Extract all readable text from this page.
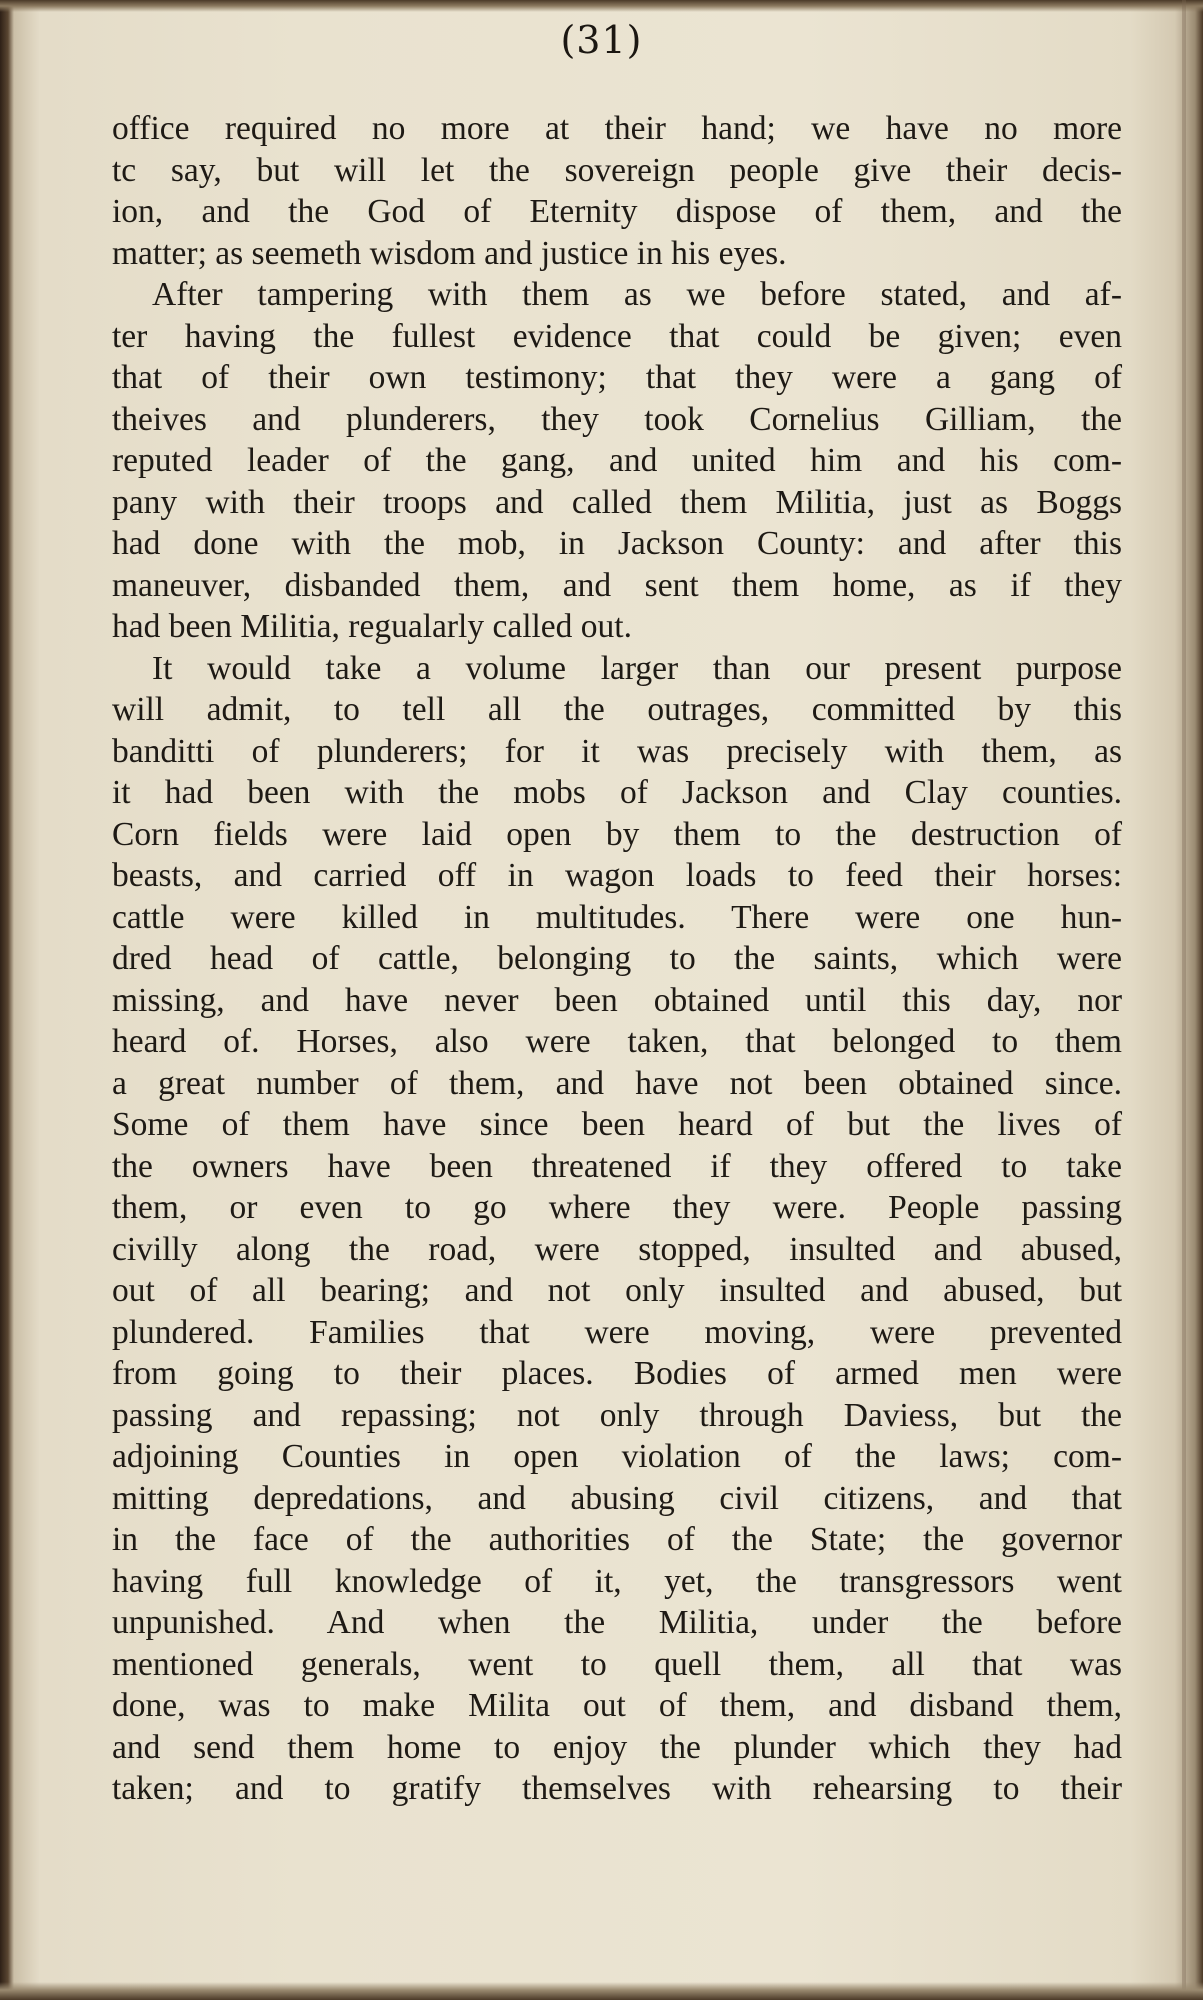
(31)
office required no more at their hand; we have no more
tc say, but will let the sovereign people give their decis-
ion, and the God of Eternity dispose of them, and the
matter; as seemeth wisdom and justice in his eyes.
After tampering with them as we before stated, and af-
ter having the fullest evidence that could be given; even
that of their own testimony; that they were a gang of
theives and plunderers, they took Cornelius Gilliam, the
reputed leader of the gang, and united him and his com-
pany with their troops and called them Militia, just as Boggs
had done with the mob, in Jackson County: and after this
maneuver, disbanded them, and sent them home, as if they
had been Militia, regualarly called out.
It would take a volume larger than our present purpose
will admit, to tell all the outrages, committed by this
banditti of plunderers; for it was precisely with them, as
it had been with the mobs of Jackson and Clay counties.
Corn fields were laid open by them to the destruction of
beasts, and carried off in wagon loads to feed their horses:
cattle were killed in multitudes. There were one hun-
dred head of cattle, belonging to the saints, which were
missing, and have never been obtained until this day, nor
heard of. Horses, also were taken, that belonged to them
a great number of them, and have not been obtained since.
Some of them have since been heard of but the lives of
the owners have been threatened if they offered to take
them, or even to go where they were. People passing
civilly along the road, were stopped, insulted and abused,
out of all bearing; and not only insulted and abused, but
plundered. Families that were moving, were prevented
from going to their places. Bodies of armed men were
passing and repassing; not only through Daviess, but the
adjoining Counties in open violation of the laws; com-
mitting depredations, and abusing civil citizens, and that
in the face of the authorities of the State; the governor
having full knowledge of it, yet, the transgressors went
unpunished. And when the Militia, under the before
mentioned generals, went to quell them, all that was
done, was to make Milita out of them, and disband them,
and send them home to enjoy the plunder which they had
taken; and to gratify themselves with rehearsing to their
